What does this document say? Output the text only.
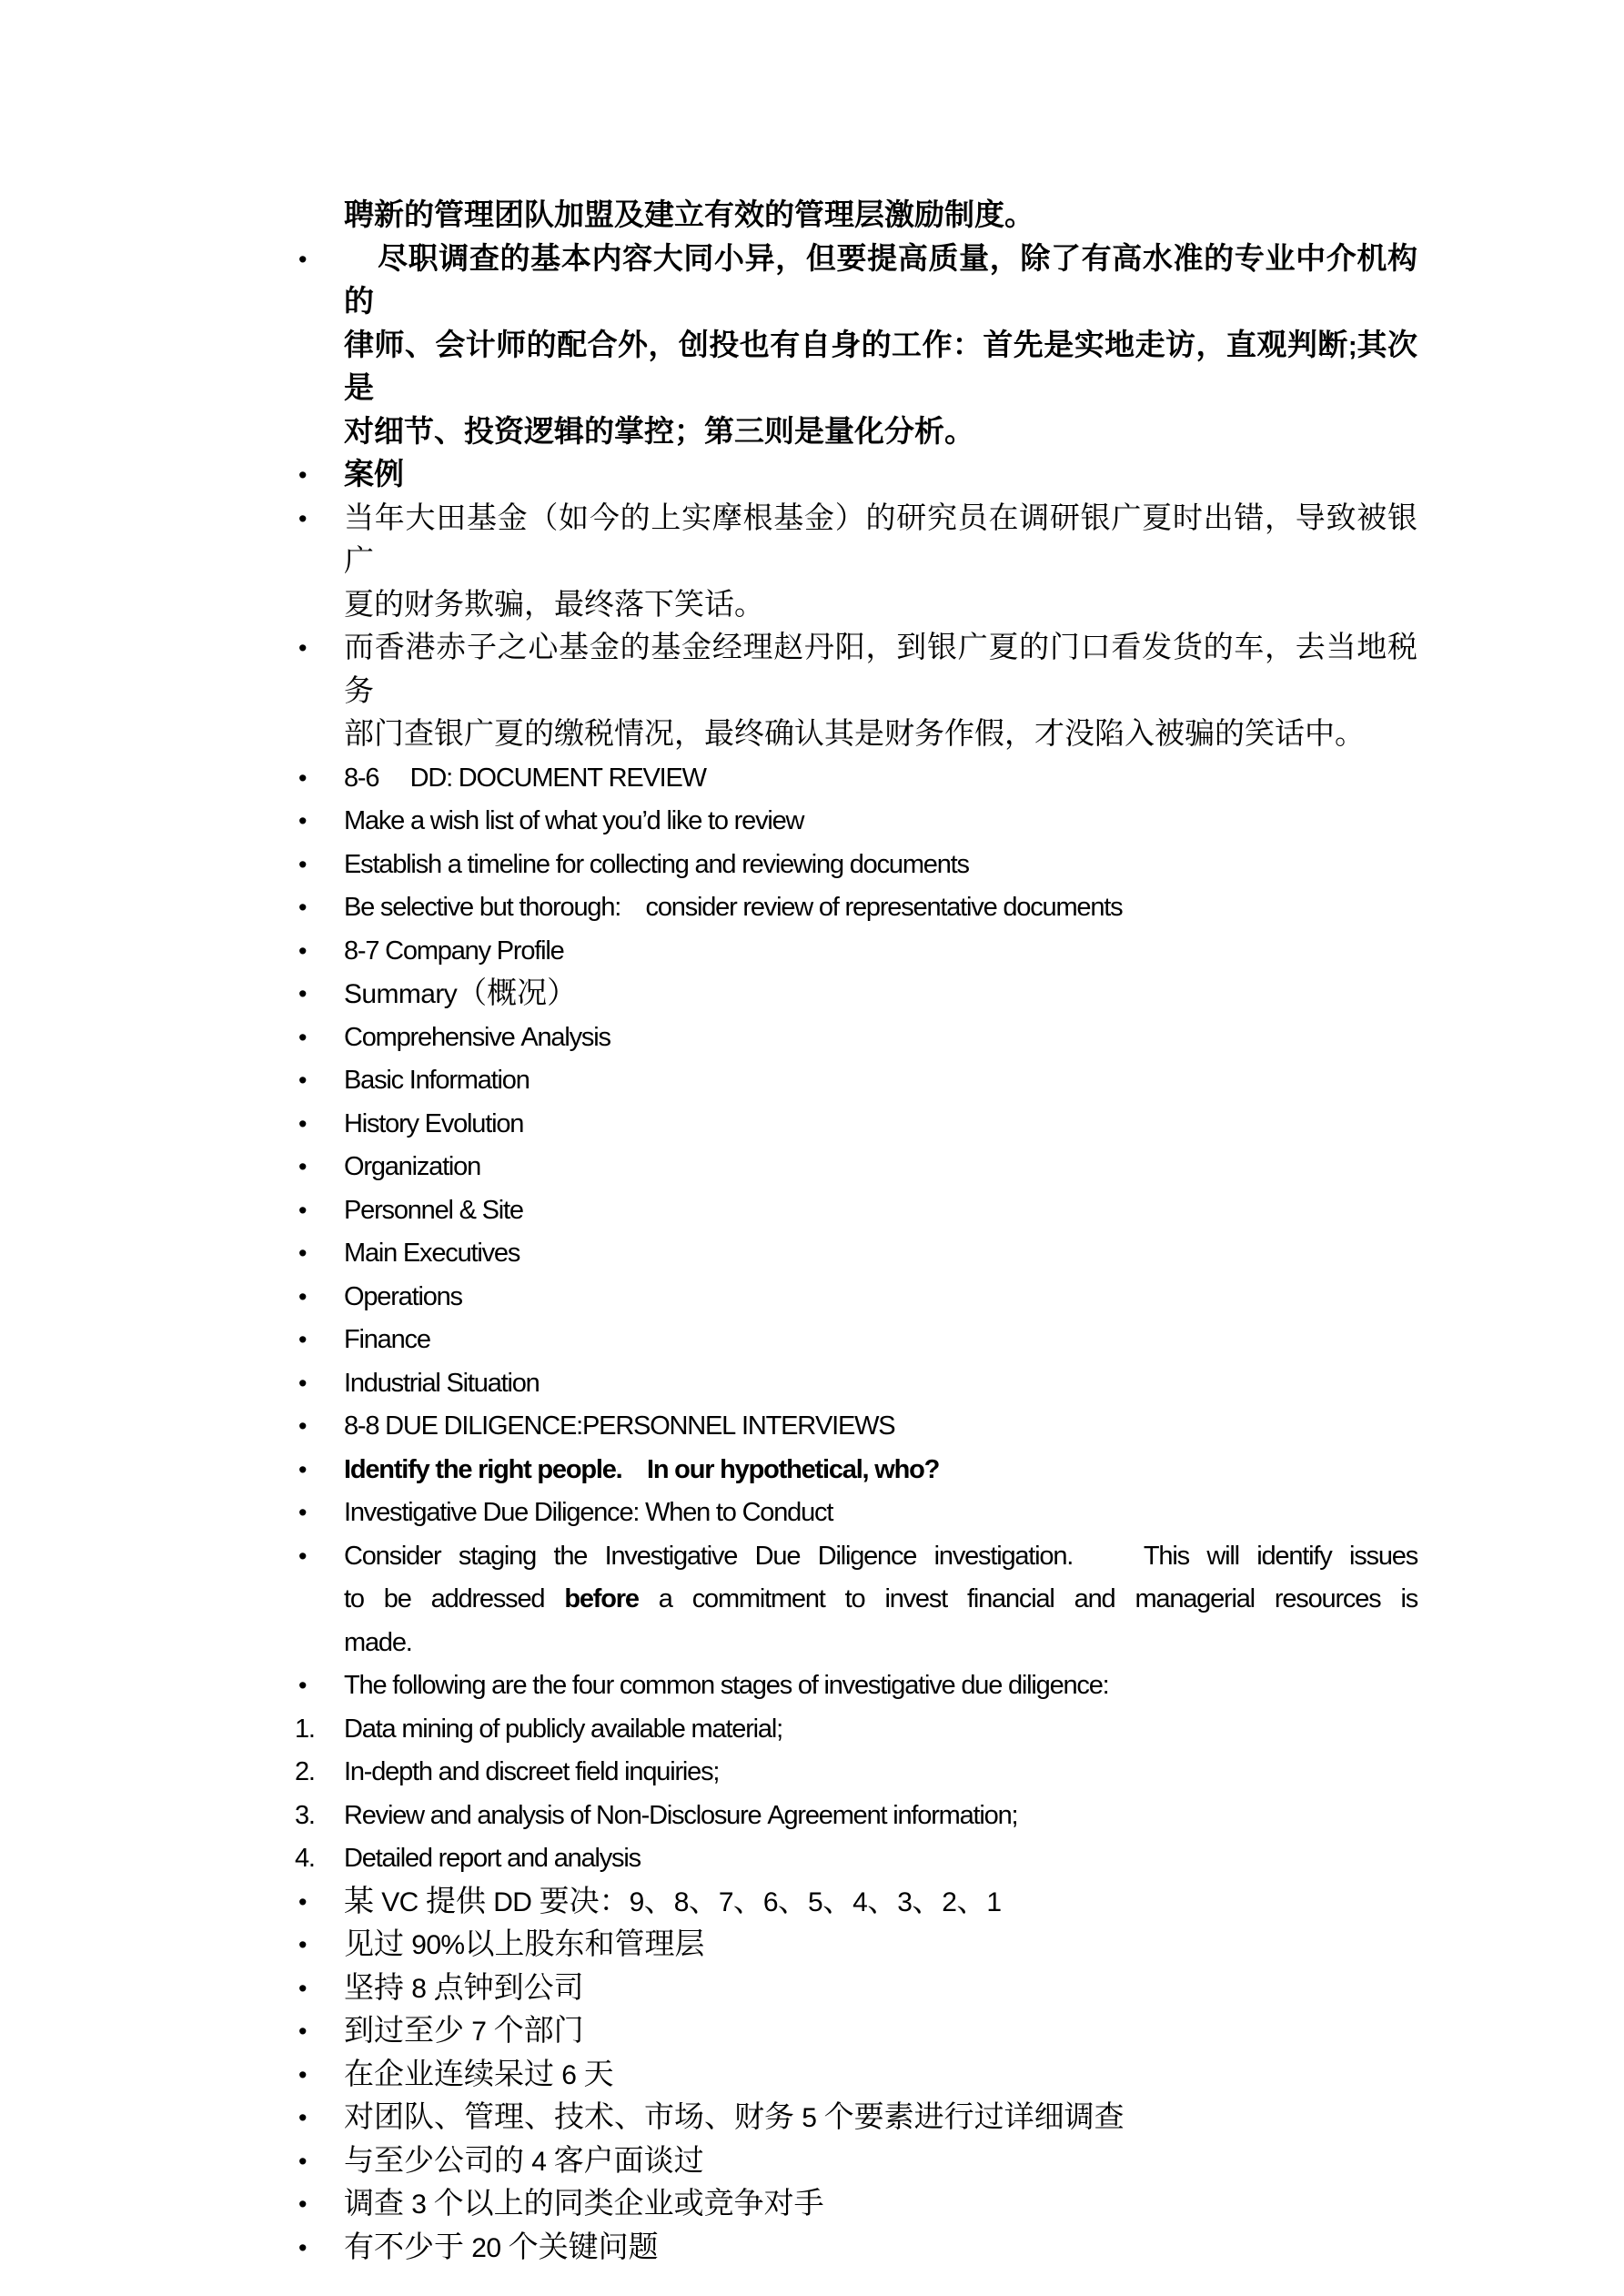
聘新的管理团队加盟及建立有效的管理层激励制度。
•	尽职调查的基本内容大同小异，但要提高质量，除了有高水准的专业中介机构的
律师、会计师的配合外，创投也有自身的工作：首先是实地走访，直观判断;其次是
对细节、投资逻辑的掌控；第三则是量化分析。
• 案例
• 当年大田基金（如今的上实摩根基金）的研究员在调研银广夏时出错，导致被银广
夏的财务欺骗，最终落下笑话。
• 而香港赤子之心基金的基金经理赵丹阳，到银广夏的门口看发货的车，去当地税务
部门查银广夏的缴税情况，最终确认其是财务作假，才没陷入被骗的笑话中。
• 8-6     DD: DOCUMENT REVIEW
• Make a wish list of what you’d like to review
• Establish a timeline for collecting and reviewing documents
• Be selective but thorough:    consider review of representative documents
• 8-7 Company Profile
• Summary（概况）
• Comprehensive Analysis
• Basic Information
• History Evolution
• Organization
• Personnel & Site
• Main Executives
• Operations
• Finance
• Industrial Situation
• 8-8 DUE DILIGENCE:PERSONNEL INTERVIEWS
• Identify the right people.    In our hypothetical, who?
• Investigative Due Diligence: When to Conduct
• Consider staging the Investigative Due Diligence investigation.    This will identify issues
to be addressed before a commitment to invest financial and managerial resources is
made.
• The following are the four common stages of investigative due diligence:
1. Data mining of publicly available material;
2. In-depth and discreet field inquiries;
3. Review and analysis of Non-Disclosure Agreement information;
4. Detailed report and analysis
• 某 VC 提供 DD 要决：9、8、7、6、5、4、3、2、1
• 见过 90%以上股东和管理层
• 坚持 8 点钟到公司
• 到过至少 7 个部门
• 在企业连续呆过 6 天
• 对团队、管理、技术、市场、财务 5 个要素进行过详细调查
• 与至少公司的 4 客户面谈过
• 调查 3 个以上的同类企业或竞争对手
• 有不少于 20 个关键问题
